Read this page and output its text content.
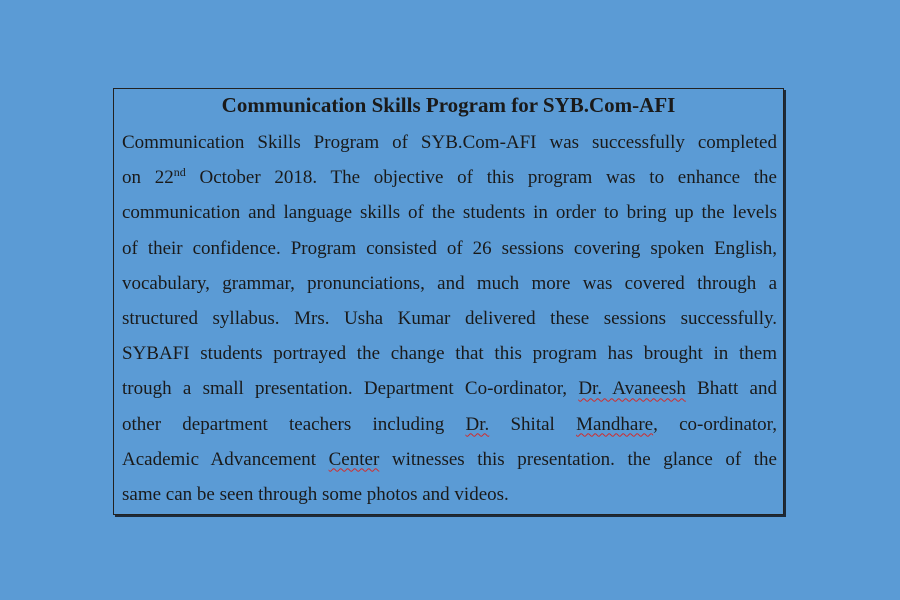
Communication Skills Program for SYB.Com-AFI
Communication Skills Program of SYB.Com-AFI was successfully completed
on 22nd October 2018. The objective of this program was to enhance the
communication and language skills of the students in order to bring up the levels
of their confidence. Program consisted of 26 sessions covering spoken English,
vocabulary, grammar, pronunciations, and much more was covered through a
structured syllabus. Mrs. Usha Kumar delivered these sessions successfully.
SYBAFI students portrayed the change that this program has brought in them
trough a small presentation. Department Co-ordinator, Dr. Avaneesh Bhatt and
other department teachers including Dr. Shital Mandhare, co-ordinator,
Academic Advancement Center witnesses this presentation. the glance of the
same can be seen through some photos and videos.
